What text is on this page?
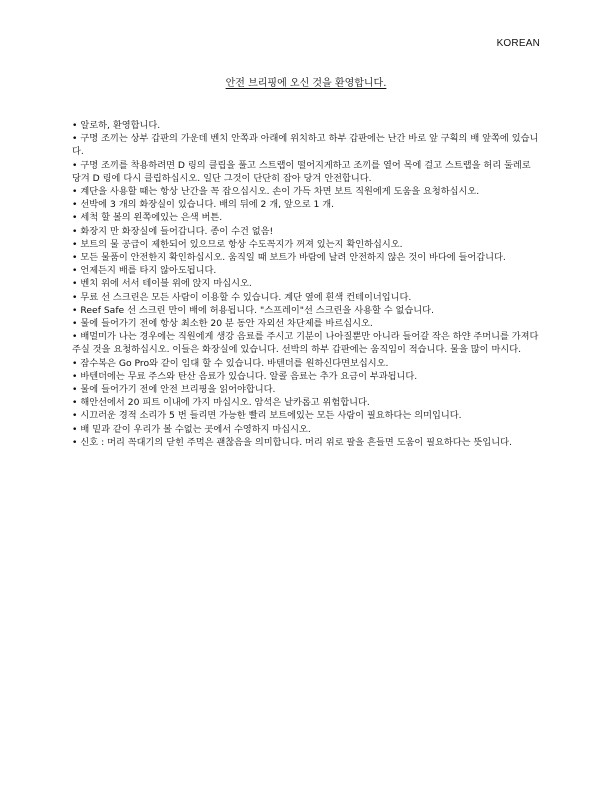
KOREAN
안전 브리핑에 오신 것을 환영합니다.
• 알로하, 환영합니다.
• 구명 조끼는 상부 갑판의 가운데 벤치 안쪽과 아래에 위치하고 하부 갑판에는 난간 바로 앞 구획의 배 앞쪽에 있습니다.
• 구명 조끼를 착용하려면 D 링의 클립을 풀고 스트랩이 떨어지게하고 조끼를 열어 목에 걸고 스트랩을 허리 둘레로 당겨 D 링에 다시 클립하십시오. 일단 그것이 단단히 잡아 당겨 안전합니다.
• 계단을 사용할 때는 항상 난간을 꼭 잡으십시오. 손이 가득 차면 보트 직원에게 도움을 요청하십시오.
• 선박에 3 개의 화장실이 있습니다. 배의 뒤에 2 개, 앞으로 1 개.
• 세척 할 볼의 왼쪽에있는 은색 버튼.
• 화장지 만 화장실에 들어갑니다. 종이 수건 없음!
• 보트의 물 공급이 제한되어 있으므로 항상 수도꼭지가 꺼져 있는지 확인하십시오.
• 모든 물품이 안전한지 확인하십시오. 움직일 때 보트가 바람에 날려 안전하지 않은 것이 바다에 들어갑니다.
• 언제든지 배를 타지 않아도됩니다.
• 벤치 위에 서서 테이블 위에 앉지 마십시오.
• 무료 선 스크린은 모든 사람이 이용할 수 있습니다. 계단 옆에 흰색 컨테이너입니다.
• Reef Safe 선 스크린 만이 배에 허용됩니다. "스프레이"선 스크린을 사용할 수 없습니다.
• 물에 들어가기 전에 항상 최소한 20 분 동안 자외선 차단제를 바르십시오.
• 배멀미가 나는 경우에는 직원에게 생강 음료를 주시고 기분이 나아질뿐만 아니라 들어갈 작은 하얀 주머니를 가져다 주실 것을 요청하십시오. 이들은 화장실에 있습니다. 선박의 하부 갑판에는 움직임이 적습니다. 물을 많이 마시다.
• 잠수복은 Go Pro와 같이 임대 할 수 있습니다. 바텐더를 원하신다면보십시오.
• 바텐더에는 무료 주스와 탄산 음료가 있습니다. 알콜 음료는 추가 요금이 부과됩니다.
• 물에 들어가기 전에 안전 브리핑을 읽어야합니다.
• 해안선에서 20 피트 이내에 가지 마십시오. 암석은 날카롭고 위험합니다.
• 시끄러운 경적 소리가 5 번 들리면 가능한 빨리 보트에있는 모든 사람이 필요하다는 의미입니다.
• 배 밑과 같이 우리가 볼 수없는 곳에서 수영하지 마십시오.
• 신호 : 머리 꼭대기의 닫힌 주먹은 괜찮음을 의미합니다. 머리 위로 팔을 흔들면 도움이 필요하다는 뜻입니다.
